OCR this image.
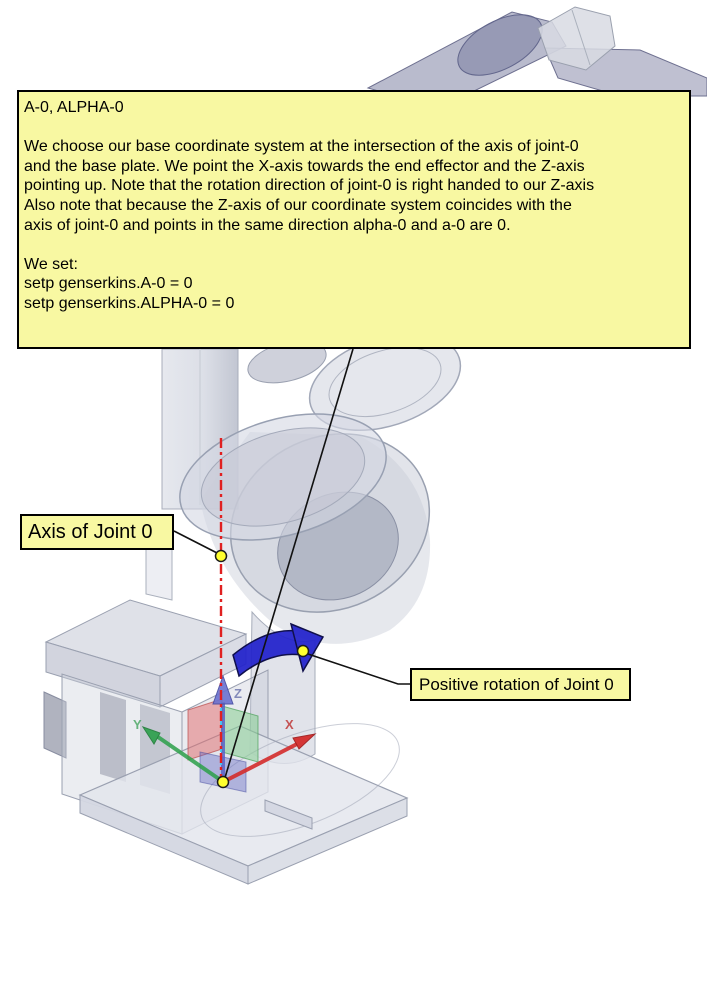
X
Y
Z
A-0, ALPHA-0
We choose our base coordinate system at the intersection of the axis of joint-0
and the base plate. We point the X-axis towards the end effector and the Z-axis
pointing up. Note that the rotation direction of joint-0 is right handed to our Z-axis
Also note that because the Z-axis of our coordinate system coincides with the
axis of joint-0 and points in the same direction alpha-0 and a-0 are 0.

We set:
setp genserkins.A-0 = 0
setp genserkins.ALPHA-0 = 0
Axis of Joint 0
Positive rotation of Joint 0
